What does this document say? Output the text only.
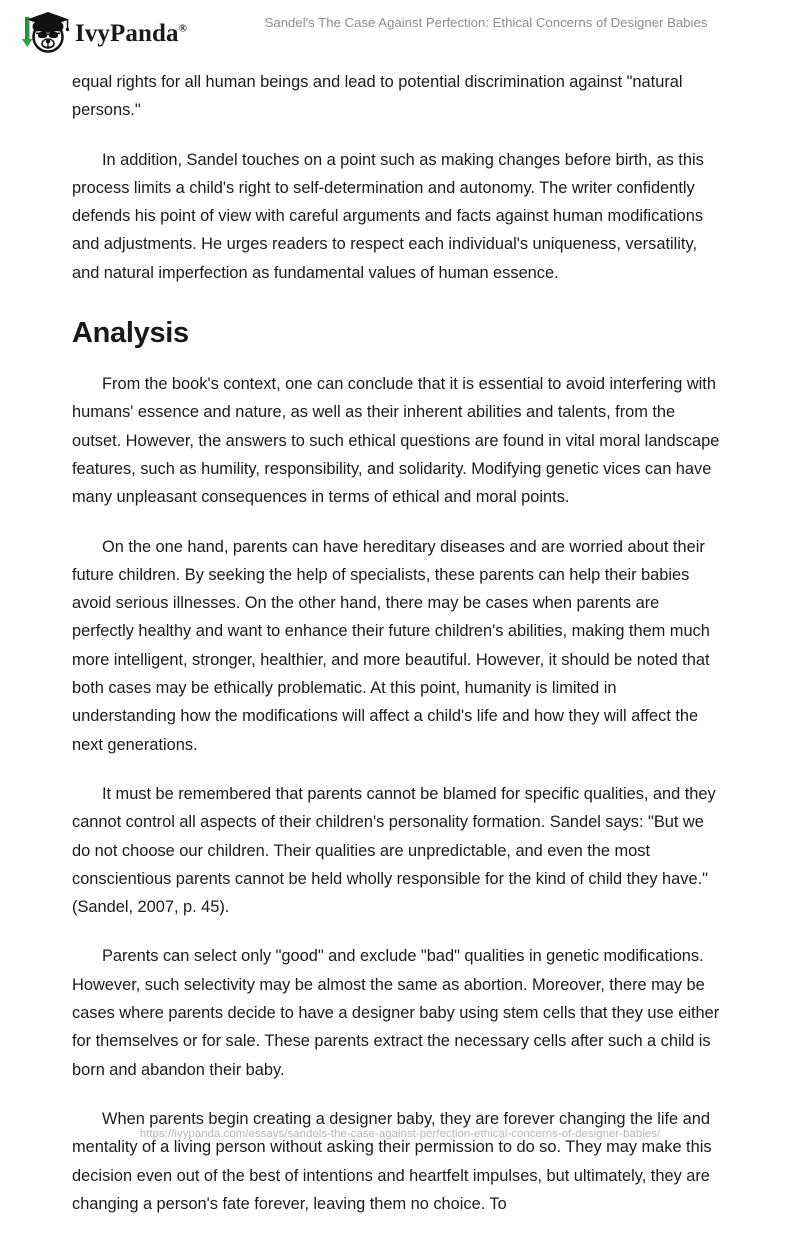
IvyPanda®	Sandel's The Case Against Perfection: Ethical Concerns of Designer Babies

equal rights for all human beings and lead to potential discrimination against "natural persons."

In addition, Sandel touches on a point such as making changes before birth, as this process limits a child's right to self-determination and autonomy. The writer confidently defends his point of view with careful arguments and facts against human modifications and adjustments. He urges readers to respect each individual's uniqueness, versatility, and natural imperfection as fundamental values of human essence.

Analysis

From the book's context, one can conclude that it is essential to avoid interfering with humans' essence and nature, as well as their inherent abilities and talents, from the outset. However, the answers to such ethical questions are found in vital moral landscape features, such as humility, responsibility, and solidarity. Modifying genetic vices can have many unpleasant consequences in terms of ethical and moral points.

On the one hand, parents can have hereditary diseases and are worried about their future children. By seeking the help of specialists, these parents can help their babies avoid serious illnesses. On the other hand, there may be cases when parents are perfectly healthy and want to enhance their future children's abilities, making them much more intelligent, stronger, healthier, and more beautiful. However, it should be noted that both cases may be ethically problematic. At this point, humanity is limited in understanding how the modifications will affect a child's life and how they will affect the next generations.

It must be remembered that parents cannot be blamed for specific qualities, and they cannot control all aspects of their children's personality formation. Sandel says: "But we do not choose our children. Their qualities are unpredictable, and even the most conscientious parents cannot be held wholly responsible for the kind of child they have." (Sandel, 2007, p. 45).

Parents can select only "good" and exclude "bad" qualities in genetic modifications. However, such selectivity may be almost the same as abortion. Moreover, there may be cases where parents decide to have a designer baby using stem cells that they use either for themselves or for sale. These parents extract the necessary cells after such a child is born and abandon their baby.

When parents begin creating a designer baby, they are forever changing the life and mentality of a living person without asking their permission to do so. They may make this decision even out of the best of intentions and heartfelt impulses, but ultimately, they are changing a person's fate forever, leaving them no choice. To

https://ivypanda.com/essays/sandels-the-case-against-perfection-ethical-concerns-of-designer-babies/
